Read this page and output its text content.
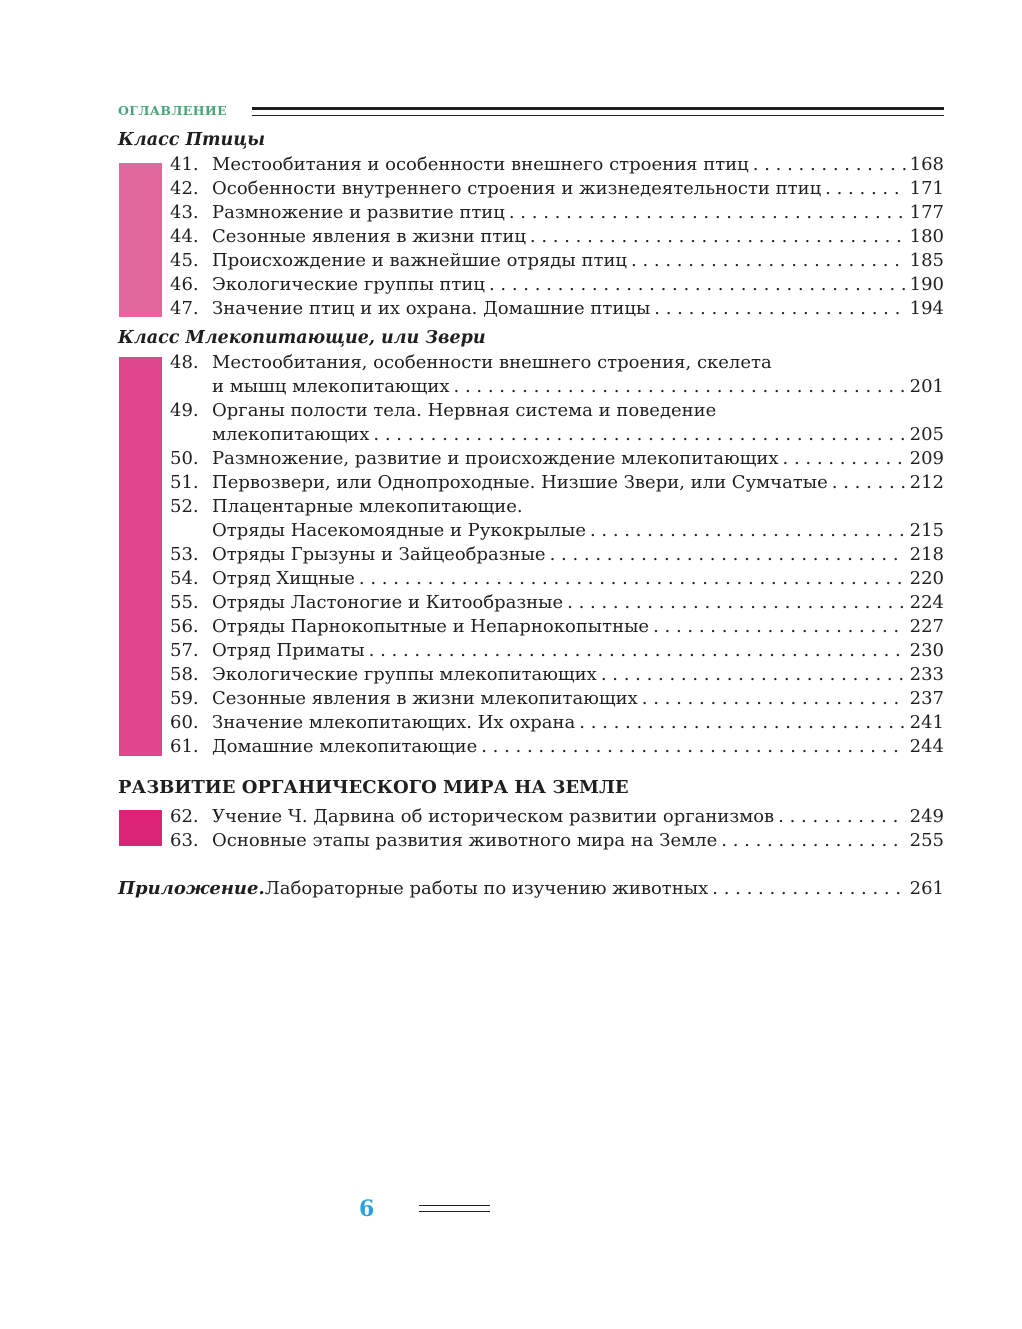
ОГЛАВЛЕНИЕ
Класс Птицы
41. Местообитания и особенности внешнего строения птиц . . .	168
42. Особенности внутреннего строения и жизнедеятельности птиц . . .	171
43. Размножение и развитие птиц . . .	177
44. Сезонные явления в жизни птиц . . .	180
45. Происхождение и важнейшие отряды птиц . . .	185
46. Экологические группы птиц . . .	190
47. Значение птиц и их охрана. Домашние птицы . . .	194
Класс Млекопитающие, или Звери
48. Местообитания, особенности внешнего строения, скелета
и мышц млекопитающих . . .	201
49. Органы полости тела. Нервная система и поведение
млекопитающих . . .	205
50. Размножение, развитие и происхождение млекопитающих . . .	209
51. Первозвери, или Однопроходные. Низшие Звери, или Сумчатые . . .	212
52. Плацентарные млекопитающие.
Отряды Насекомоядные и Рукокрылые . . .	215
53. Отряды Грызуны и Зайцеобразные . . .	218
54. Отряд Хищные . . .	220
55. Отряды Ластоногие и Китообразные . . .	224
56. Отряды Парнокопытные и Непарнокопытные . . .	227
57. Отряд Приматы . . .	230
58. Экологические группы млекопитающих . . .	233
59. Сезонные явления в жизни млекопитающих . . .	237
60. Значение млекопитающих. Их охрана . . .	241
61. Домашние млекопитающие . . .	244
РАЗВИТИЕ ОРГАНИЧЕСКОГО МИРА НА ЗЕМЛЕ
62. Учение Ч. Дарвина об историческом развитии организмов . . .	249
63. Основные этапы развития животного мира на Земле . . .	255
Приложение. Лабораторные работы по изучению животных . . .	261
6
